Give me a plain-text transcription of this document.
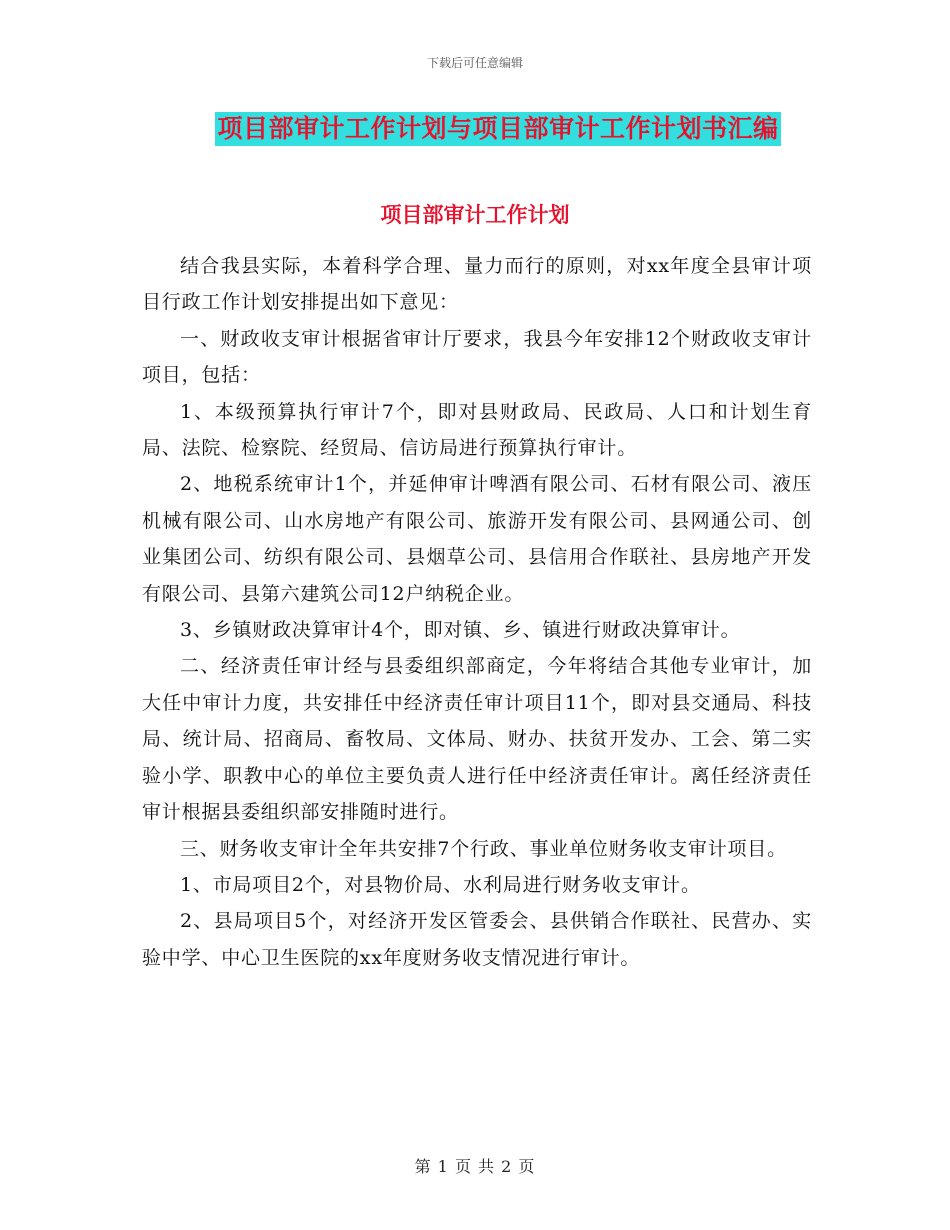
下载后可任意编辑
项目部审计工作计划与项目部审计工作计划书汇编
项目部审计工作计划

结合我县实际，本着科学合理、量力而行的原则，对xx年度全县审计项目行政工作计划安排提出如下意见：

一、财政收支审计根据省审计厅要求，我县今年安排12个财政收支审计项目，包括：

1、本级预算执行审计7个，即对县财政局、民政局、人口和计划生育局、法院、检察院、经贸局、信访局进行预算执行审计。

2、地税系统审计1个，并延伸审计啤酒有限公司、石材有限公司、液压机械有限公司、山水房地产有限公司、旅游开发有限公司、县网通公司、创业集团公司、纺织有限公司、县烟草公司、县信用合作联社、县房地产开发有限公司、县第六建筑公司12户纳税企业。

3、乡镇财政决算审计4个，即对镇、乡、镇进行财政决算审计。

二、经济责任审计经与县委组织部商定，今年将结合其他专业审计，加大任中审计力度，共安排任中经济责任审计项目11个，即对县交通局、科技局、统计局、招商局、畜牧局、文体局、财办、扶贫开发办、工会、第二实验小学、职教中心的单位主要负责人进行任中经济责任审计。离任经济责任审计根据县委组织部安排随时进行。

三、财务收支审计全年共安排7个行政、事业单位财务收支审计项目。

1、市局项目2个，对县物价局、水利局进行财务收支审计。

2、县局项目5个，对经济开发区管委会、县供销合作联社、民营办、实验中学、中心卫生医院的xx年度财务收支情况进行审计。

第 1 页 共 2 页
